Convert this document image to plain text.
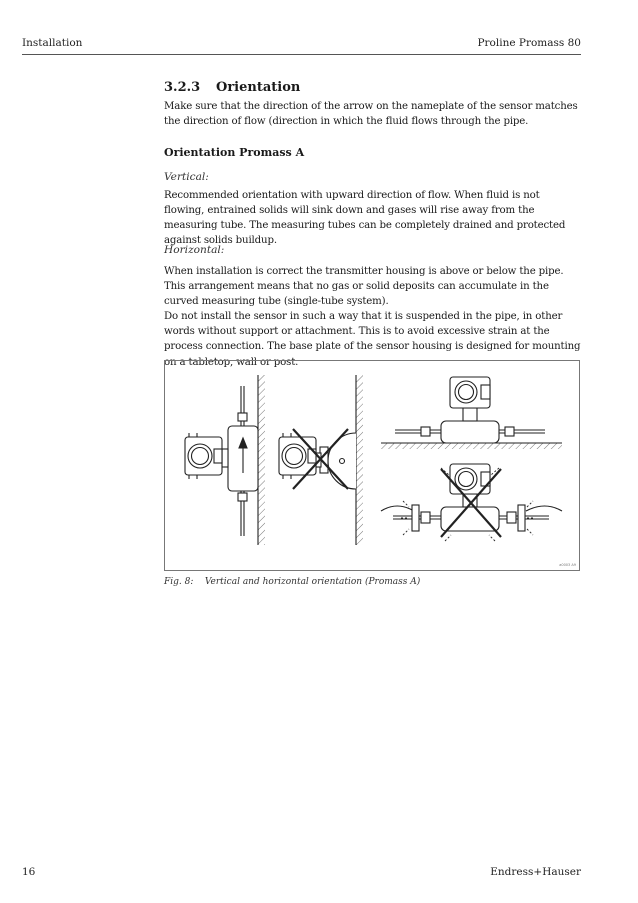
Installation	Proline Promass 80
3.2.3	Orientation
Make sure that the direction of the arrow on the nameplate of the sensor matches the direction of flow (direction in which the fluid flows through the pipe.
Orientation Promass A
Vertical:
Recommended orientation with upward direction of flow. When fluid is not flowing, entrained solids will sink down and gases will rise away from the measuring tube. The measuring tubes can be completely drained and protected against solids buildup.
Horizontal:
When installation is correct the transmitter housing is above or below the pipe. This arrangement means that no gas or solid deposits can accumulate in the curved measuring tube (single-tube system).
Do not install the sensor in such a way that it is suspended in the pipe, in other words without support or attachment. This is to avoid excessive strain at the process connection. The base plate of the sensor housing is designed for mounting on a tabletop, wall or post.
a0003 A9
Fig. 8: Vertical and horizontal orientation (Promass A)
16	Endress+Hauser
